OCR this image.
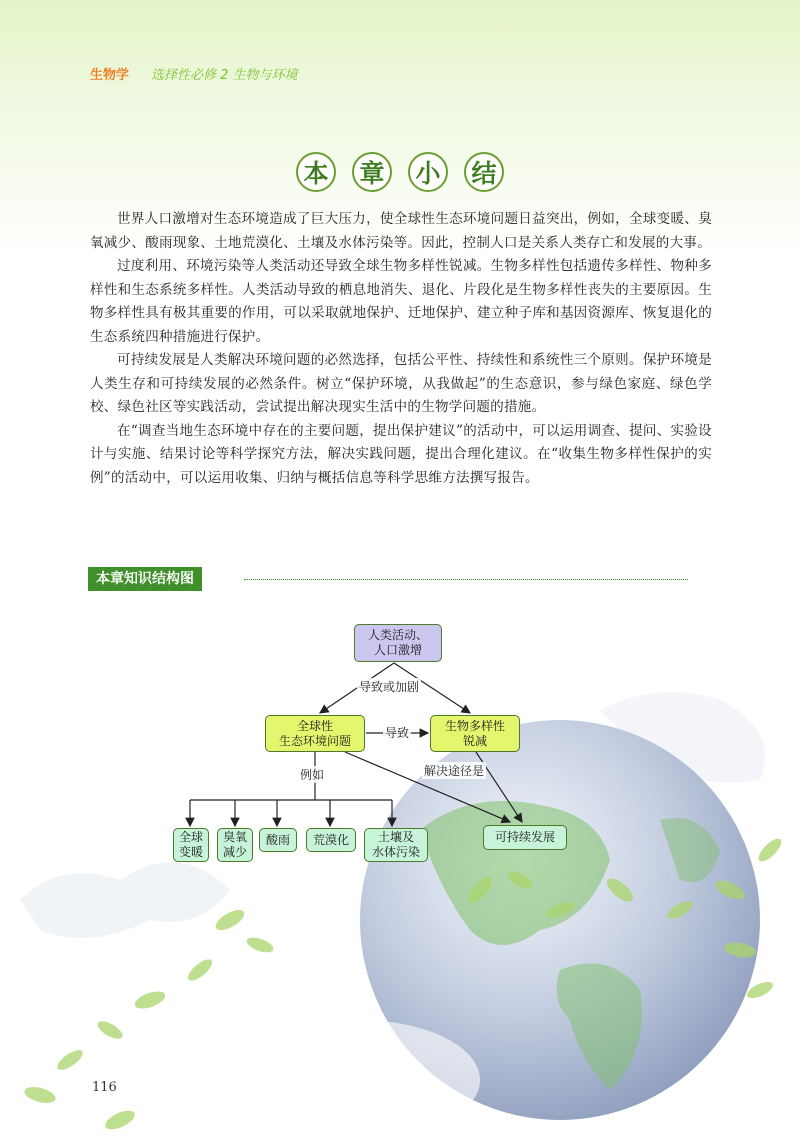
生物学 选择性必修 2 生物与环境
本	章	小	结

世界人口激增对生态环境造成了巨大压力，使全球性生态环境问题日益突出，例如，全球变暖、臭氧减少、酸雨现象、土地荒漠化、土壤及水体污染等。因此，控制人口是关系人类存亡和发展的大事。

过度利用、环境污染等人类活动还导致全球生物多样性锐减。生物多样性包括遗传多样性、物种多样性和生态系统多样性。人类活动导致的栖息地消失、退化、片段化是生物多样性丧失的主要原因。生物多样性具有极其重要的作用，可以采取就地保护、迁地保护、建立种子库和基因资源库、恢复退化的生态系统四种措施进行保护。

可持续发展是人类解决环境问题的必然选择，包括公平性、持续性和系统性三个原则。保护环境是人类生存和可持续发展的必然条件。树立“保护环境，从我做起”的生态意识，参与绿色家庭、绿色学校、绿色社区等实践活动，尝试提出解决现实生活中的生物学问题的措施。

在“调查当地生态环境中存在的主要问题，提出保护建议”的活动中，可以运用调查、提问、实验设计与实施、结果讨论等科学探究方法，解决实践问题，提出合理化建议。在“收集生物多样性保护的实例”的活动中，可以运用收集、归纳与概括信息等科学思维方法撰写报告。

本章知识结构图
导致或加剧
导致
例如	解决途径是
人类活动、
人口激增
全球性
生态环境问题
生物多样性
锐减
可持续发展
全球
变暖
臭氧
减少
酸雨	荒漠化	土壤及
水体污染
116
